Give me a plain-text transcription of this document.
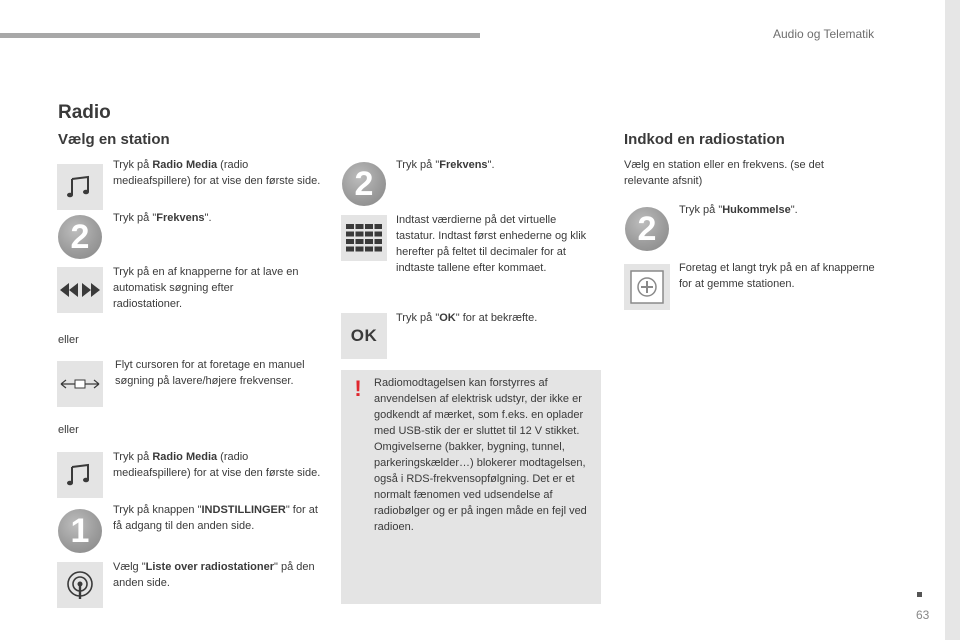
Audio og Telematik
63
Radio
Vælg en station	Indkod en radiostation
Tryk på Radio Media (radio medieafspillere) for at vise den første side.
2	Tryk på "Frekvens".
Tryk på en af knapperne for at lave en automatisk søgning efter radiostationer.
eller
Flyt cursoren for at foretage en manuel søgning på lavere/højere frekvenser.
eller
Tryk på Radio Media (radio medieafspillere) for at vise den første side.
1
Tryk på knappen "INDSTILLINGER" for at få adgang til den anden side.
Vælg "Liste over radiostationer" på den anden side.
2	Tryk på "Frekvens".
Indtast værdierne på det virtuelle tastatur. Indtast først enhederne og klik herefter på feltet til decimaler for at indtaste tallene efter kommaet.
OK
Tryk på "OK" for at bekræfte.
!	Radiomodtagelsen kan forstyrres af anvendelsen af elektrisk udstyr, der ikke er godkendt af mærket, som f.eks. en oplader med USB-stik der er sluttet til 12 V stikket. Omgivelserne (bakker, bygning, tunnel, parkeringskælder…) blokerer modtagelsen, også i RDS-frekvensopfølgning. Det er et normalt fænomen ved udsendelse af radiobølger og er på ingen måde en fejl ved radioen.
Vælg en station eller en frekvens. (se det relevante afsnit)
2	Tryk på "Hukommelse".
Foretag et langt tryk på en af knapperne for at gemme stationen.
